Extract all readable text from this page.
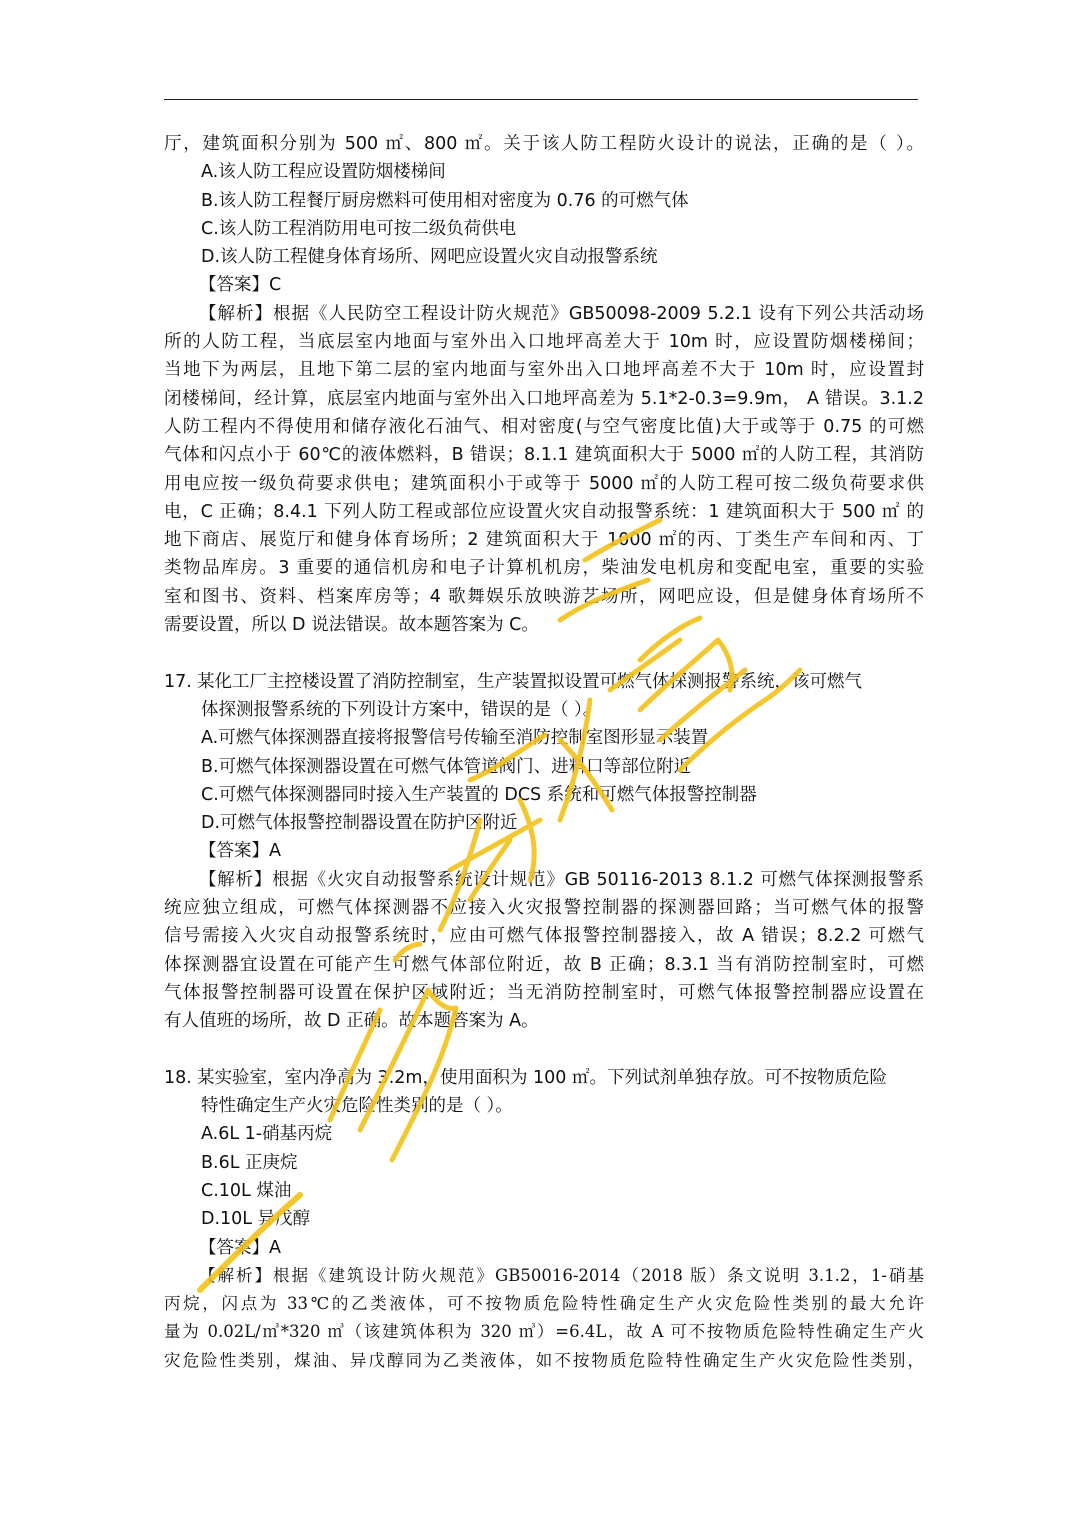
厅，建筑面积分别为 500 ㎡、800 ㎡。关于该人防工程防火设计的说法，正确的是（ ）。
A.该人防工程应设置防烟楼梯间
B.该人防工程餐厅厨房燃料可使用相对密度为 0.76 的可燃气体
C.该人防工程消防用电可按二级负荷供电
D.该人防工程健身体育场所、网吧应设置火灾自动报警系统
【答案】C
【解析】根据《人民防空工程设计防火规范》GB50098-2009 5.2.1 设有下列公共活动场
所的人防工程，当底层室内地面与室外出入口地坪高差大于 10m 时，应设置防烟楼梯间；
当地下为两层，且地下第二层的室内地面与室外出入口地坪高差不大于 10m 时，应设置封
闭楼梯间，经计算，底层室内地面与室外出入口地坪高差为 5.1*2-0.3=9.9m， A 错误。3.1.2
人防工程内不得使用和储存液化石油气、相对密度(与空气密度比值)大于或等于 0.75 的可燃
气体和闪点小于 60℃的液体燃料，B 错误；8.1.1 建筑面积大于 5000 ㎡的人防工程，其消防
用电应按一级负荷要求供电；建筑面积小于或等于 5000 ㎡的人防工程可按二级负荷要求供
电，C 正确；8.4.1 下列人防工程或部位应设置火灾自动报警系统：1 建筑面积大于 500 ㎡ 的
地下商店、展览厅和健身体育场所；2 建筑面积大于 1000 ㎡的丙、丁类生产车间和丙、丁
类物品库房。3 重要的通信机房和电子计算机机房，柴油发电机房和变配电室，重要的实验
室和图书、资料、档案库房等；4 歌舞娱乐放映游艺场所，网吧应设，但是健身体育场所不
需要设置，所以 D 说法错误。故本题答案为 C。
17. 某化工厂主控楼设置了消防控制室，生产装置拟设置可燃气体探测报警系统，该可燃气
体探测报警系统的下列设计方案中，错误的是（ ）。
A.可燃气体探测器直接将报警信号传输至消防控制室图形显示装置
B.可燃气体探测器设置在可燃气体管道阀门、进料口等部位附近
C.可燃气体探测器同时接入生产装置的 DCS 系统和可燃气体报警控制器
D.可燃气体报警控制器设置在防护区附近
【答案】A
【解析】根据《火灾自动报警系统设计规范》GB 50116-2013 8.1.2 可燃气体探测报警系
统应独立组成，可燃气体探测器不应接入火灾报警控制器的探测器回路；当可燃气体的报警
信号需接入火灾自动报警系统时，应由可燃气体报警控制器接入，故 A 错误；8.2.2 可燃气
体探测器宜设置在可能产生可燃气体部位附近，故 B 正确；8.3.1 当有消防控制室时，可燃
气体报警控制器可设置在保护区域附近；当无消防控制室时，可燃气体报警控制器应设置在
有人值班的场所，故 D 正确。故本题答案为 A。
18. 某实验室，室内净高为 3.2m，使用面积为 100 ㎡。下列试剂单独存放。可不按物质危险
特性确定生产火灾危险性类别的是（ ）。
A.6L 1-硝基丙烷
B.6L 正庚烷
C.10L 煤油
D.10L 异戊醇
【答案】A
【解析】根据《建筑设计防火规范》GB50016-2014（2018 版）条文说明 3.1.2，1-硝基
丙烷，闪点为 33℃的乙类液体，可不按物质危险特性确定生产火灾危险性类别的最大允许
量为 0.02L/㎥*320 ㎥（该建筑体积为 320 ㎥）=6.4L，故 A 可不按物质危险特性确定生产火
灾危险性类别，煤油、异戊醇同为乙类液体，如不按物质危险特性确定生产火灾危险性类别，
